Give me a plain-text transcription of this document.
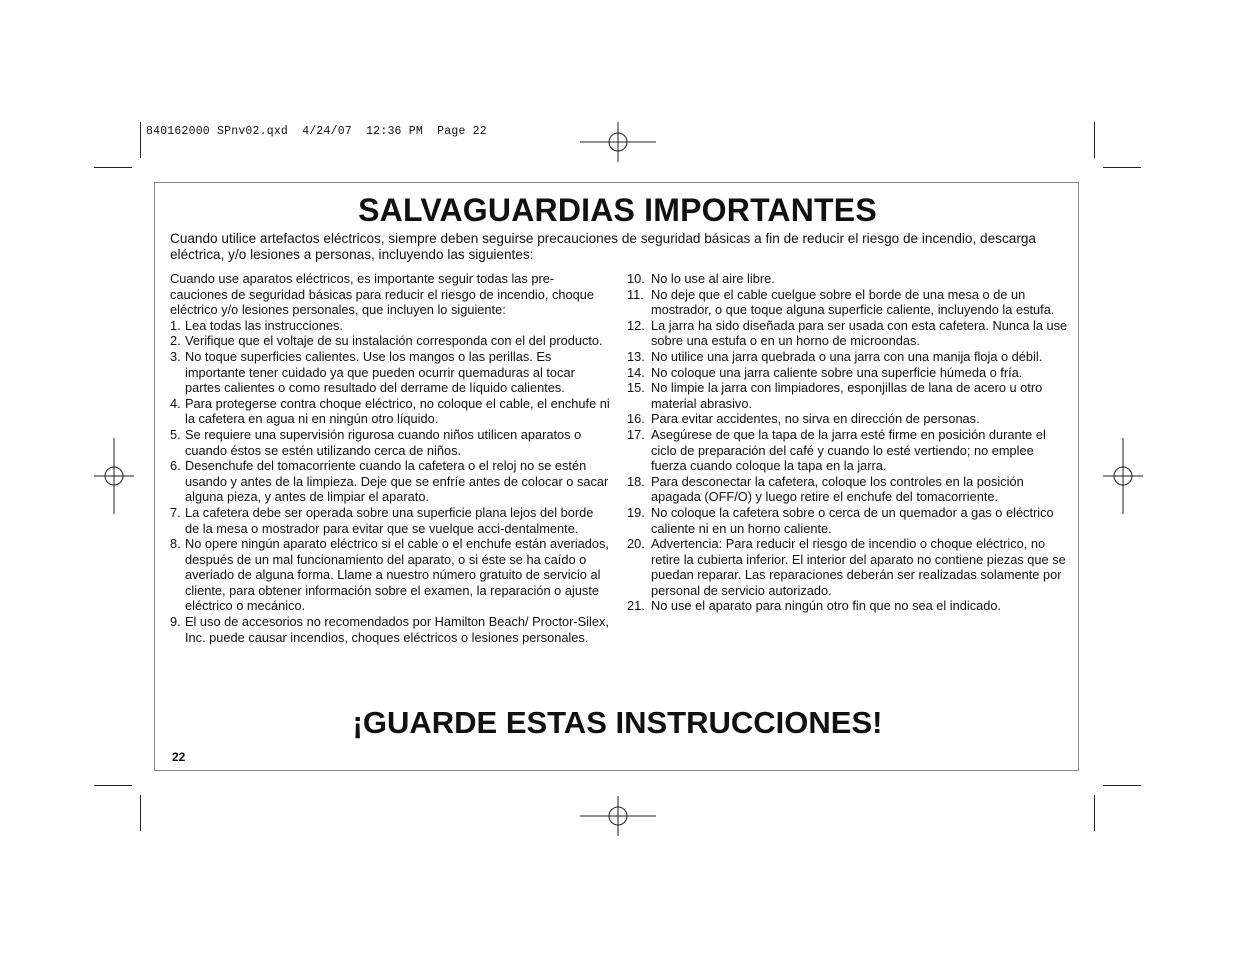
840162000 SPnv02.qxd  4/24/07  12:36 PM  Page 22
SALVAGUARDIAS IMPORTANTES
Cuando utilice artefactos eléctricos, siempre deben seguirse precauciones de seguridad básicas a fin de reducir el riesgo de incendio, descarga eléctrica, y/o lesiones a personas, incluyendo las siguientes:

Cuando use aparatos eléctricos, es importante seguir todas las pre-cauciones de seguridad básicas para reducir el riesgo de incendio, choque eléctrico y/o lesiones personales, que incluyen lo siguiente:

1. Lea todas las instrucciones.
2. Verifique que el voltaje de su instalación corresponda con el del producto.
3. No toque superficies calientes. Use los mangos o las perillas. Es importante tener cuidado ya que pueden ocurrir quemaduras al tocar partes calientes o como resultado del derrame de líquido calientes.
4. Para protegerse contra choque eléctrico, no coloque el cable, el enchufe ni la cafetera en agua ni en ningún otro líquido.
5. Se requiere una supervisión rigurosa cuando niños utilicen aparatos o cuando éstos se estén utilizando cerca de niños.
6. Desenchufe del tomacorriente cuando la cafetera o el reloj no se estén usando y antes de la limpieza. Deje que se enfríe antes de colocar o sacar alguna pieza, y antes de limpiar el aparato.
7. La cafetera debe ser operada sobre una superficie plana lejos del borde de la mesa o mostrador para evitar que se vuelque acci-dentalmente.
8. No opere ningún aparato eléctrico si el cable o el enchufe están averiados, después de un mal funcionamiento del aparato, o si éste se ha caído o averiado de alguna forma. Llame a nuestro número gratuito de servicio al cliente, para obtener información sobre el examen, la reparación o ajuste eléctrico o mecánico.
9. El uso de accesorios no recomendados por Hamilton Beach/ Proctor-Silex, Inc. puede causar incendios, choques eléctricos o lesiones personales.
10. No lo use al aire libre.
11. No deje que el cable cuelgue sobre el borde de una mesa o de un mostrador, o que toque alguna superficie caliente, incluyendo la estufa.
12. La jarra ha sido diseñada para ser usada con esta cafetera. Nunca la use sobre una estufa o en un horno de microondas.
13. No utilice una jarra quebrada o una jarra con una manija floja o débil.
14. No coloque una jarra caliente sobre una superficie húmeda o fría.
15. No limpie la jarra con limpiadores, esponjillas de lana de acero u otro material abrasivo.
16. Para evitar accidentes, no sirva en dirección de personas.
17. Asegúrese de que la tapa de la jarra esté firme en posición durante el ciclo de preparación del café y cuando lo esté vertiendo; no emplee fuerza cuando coloque la tapa en la jarra.
18. Para desconectar la cafetera, coloque los controles en la posición apagada (OFF/O) y luego retire el enchufe del tomacorriente.
19. No coloque la cafetera sobre o cerca de un quemador a gas o eléctrico caliente ni en un horno caliente.
20. Advertencia: Para reducir el riesgo de incendio o choque eléctrico, no retire la cubierta inferior. El interior del aparato no contiene piezas que se puedan reparar. Las reparaciones deberán ser realizadas solamente por personal de servicio autorizado.
21. No use el aparato para ningún otro fin que no sea el indicado.
¡GUARDE ESTAS INSTRUCCIONES!
22
